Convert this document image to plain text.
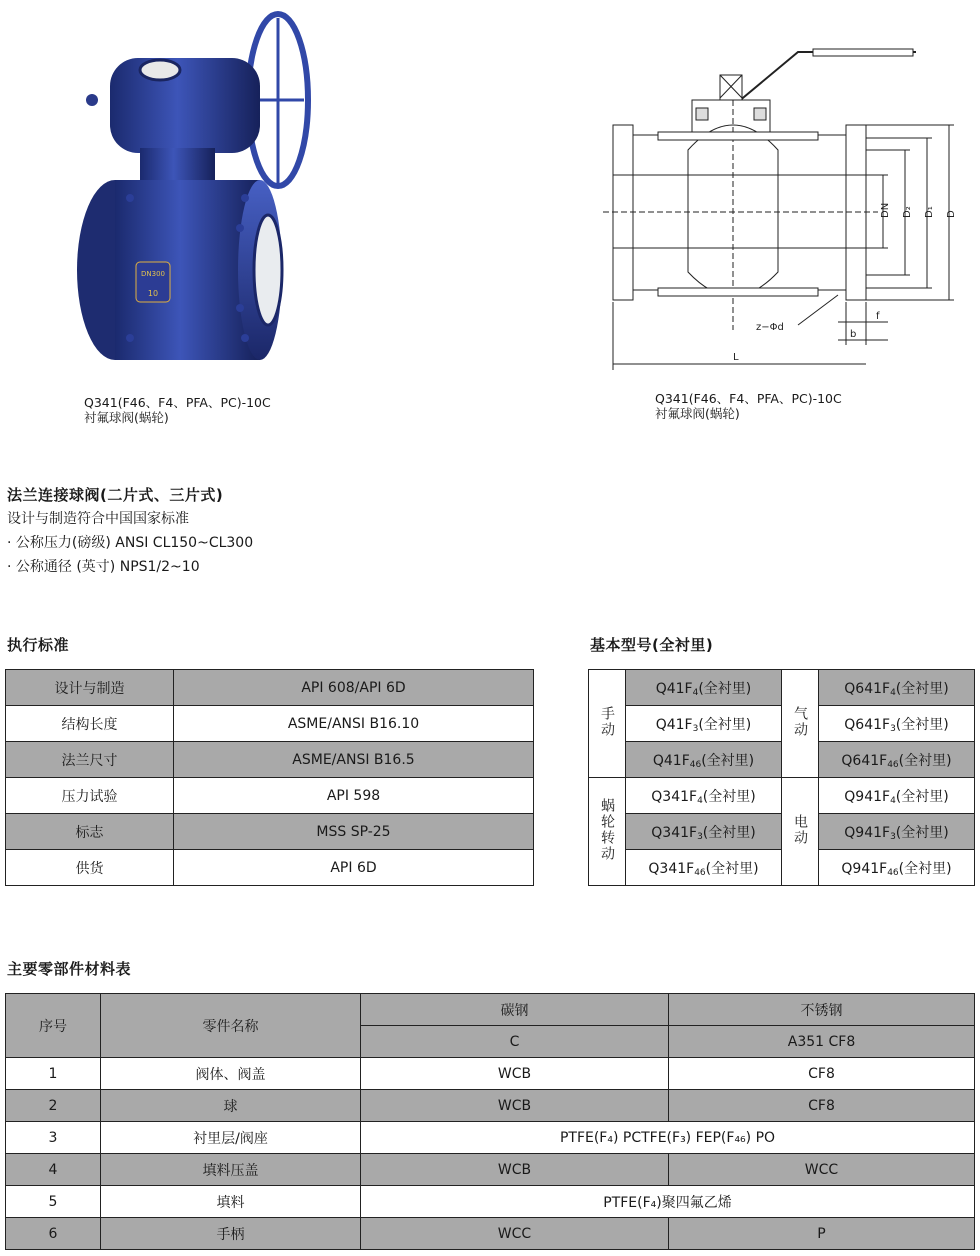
DN300
10
Q341(F46、F4、PFA、PC)-10C
衬氟球阀(蜗轮)
DN D₂ D₁ D
f
b
z−Φd
L
Q341(F46、F4、PFA、PC)-10C
衬氟球阀(蜗轮)
法兰连接球阀(二片式、三片式)
设计与制造符合中国国家标准
· 公称压力(磅级) ANSI CL150~CL300
· 公称通径 (英寸) NPS1/2~10
执行标准
设计与制造	API 608/API 6D
结构长度	ASME/ANSI B16.10
法兰尺寸	ASME/ANSI B16.5
压力试验	API 598
标志	MSS SP-25
供货	API 6D
基本型号(全衬里)
手动	$Q41F_4$(全衬里)	气动	$Q641F_4$(全衬里)
	$Q41F_3$(全衬里)		$Q641F_3$(全衬里)
	$Q41F_{46}$(全衬里)		$Q641F_{46}$(全衬里)
蜗轮转动	$Q341F_4$(全衬里)	电动	$Q941F_4$(全衬里)
	$Q341F_3$(全衬里)		$Q941F_3$(全衬里)
	$Q341F_{46}$(全衬里)		$Q941F_{46}$(全衬里)
主要零部件材料表
序号	零件名称	碳钢	不锈钢
		C	A351 CF8
1	阀体、阀盖	WCB	CF8
2	球	WCB	CF8
3	衬里层/阀座	PTFE(F₄) PCTFE(F₃) FEP(F₄₆) PO	
4	填料压盖	WCB	WCC
5	填料	PTFE(F₄)聚四氟乙烯	
6	手柄	WCC	P
